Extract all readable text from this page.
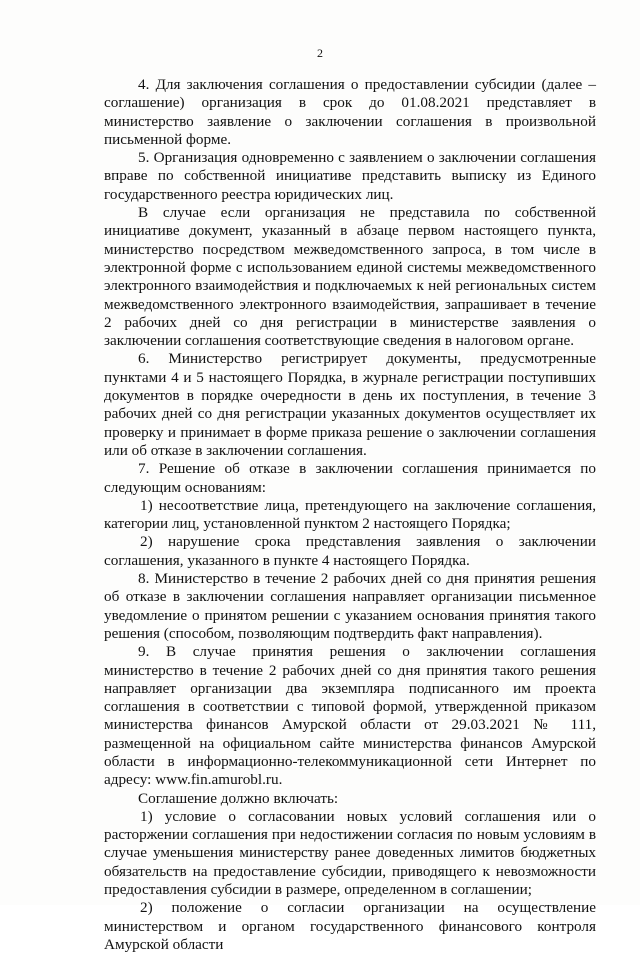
2

4. Для заключения соглашения о предоставлении субсидии (далее – соглашение) организация в срок до 01.08.2021 представляет в министерство заявление о заключении соглашения в произвольной письменной форме.

5. Организация одновременно с заявлением о заключении соглашения вправе по собственной инициативе представить выписку из Единого государственного реестра юридических лиц.

В случае если организация не представила по собственной инициативе документ, указанный в абзаце первом настоящего пункта, министерство посредством межведомственного запроса, в том числе в электронной форме с использованием единой системы межведомственного электронного взаимодействия и подключаемых к ней региональных систем межведомственного электронного взаимодействия, запрашивает в течение 2 рабочих дней со дня регистрации в министерстве заявления о заключении соглашения соответствующие сведения в налоговом органе.

6. Министерство регистрирует документы, предусмотренные пунктами 4 и 5 настоящего Порядка, в журнале регистрации поступивших документов в порядке очередности в день их поступления, в течение 3 рабочих дней со дня регистрации указанных документов осуществляет их проверку и принимает в форме приказа решение о заключении соглашения или об отказе в заключении соглашения.

7. Решение об отказе в заключении соглашения принимается по следующим основаниям:

1) несоответствие лица, претендующего на заключение соглашения, категории лиц, установленной пунктом 2 настоящего Порядка;

2) нарушение срока представления заявления о заключении соглашения, указанного в пункте 4 настоящего Порядка.

8. Министерство в течение 2 рабочих дней со дня принятия решения об отказе в заключении соглашения направляет организации письменное уведомление о принятом решении с указанием основания принятия такого решения (способом, позволяющим подтвердить факт направления).

9. В случае принятия решения о заключении соглашения министерство в течение 2 рабочих дней со дня принятия такого решения направляет организации два экземпляра подписанного им проекта соглашения в соответствии с типовой формой, утвержденной приказом министерства финансов Амурской области от 29.03.2021 № 111, размещенной на официальном сайте министерства финансов Амурской области в информационно-телекоммуникационной сети Интернет по адресу: www.fin.amurobl.ru.

Соглашение должно включать:

1) условие о согласовании новых условий соглашения или о расторжении соглашения при недостижении согласия по новым условиям в случае уменьшения министерству ранее доведенных лимитов бюджетных обязательств на предоставление субсидии, приводящего к невозможности предоставления субсидии в размере, определенном в соглашении;

2) положение о согласии организации на осуществление министерством и органом государственного финансового контроля Амурской области
